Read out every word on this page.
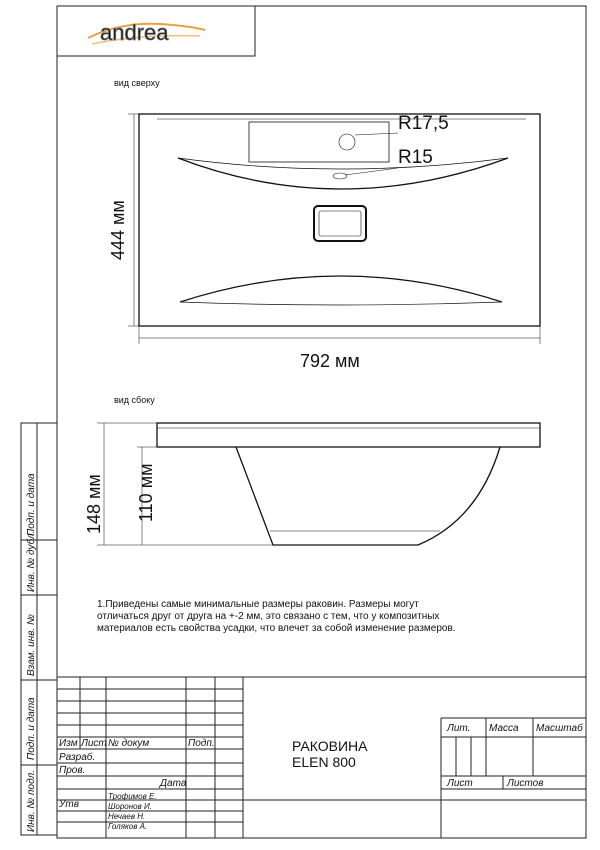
andrea
вид сверху
R17,5
R15
792 мм
444 мм
вид сбоку
148 мм 110 мм
1.Приведены самые минимальные размеры раковин. Размеры могут
отличаться друг от друга на +-2 мм, это связано с тем, что у композитных
материалов есть свойства усадки, что влечет за собой изменение размеров.
Подп. и дата
Инв. № дубл.
Взам. инв. №
Подп. и дата
Инв. № подл.
Изм Лист № докум	Подп.
Разраб.
Пров.
Дата
Утв
Трофимов Е.
Шоронов И.
Нечаев Н.
Голяков А.
РАКОВИНА
ELEN 800
Лит. Масса Масштаб
Лист	Листов
